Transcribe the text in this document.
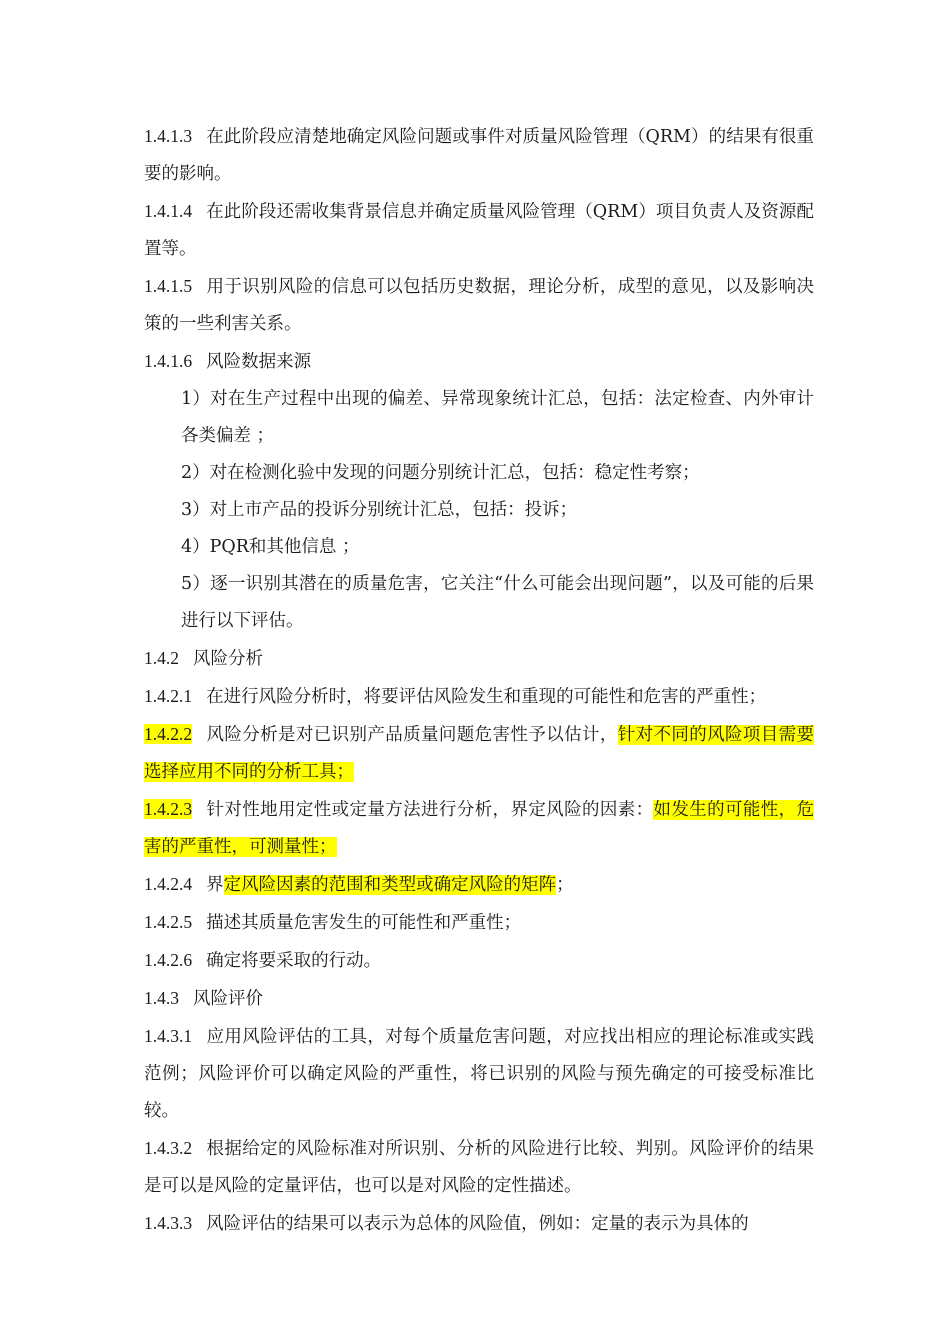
1.4.1.3 在此阶段应清楚地确定风险问题或事件对质量风险管理（QRM）的结果有很重要的影响。

1.4.1.4 在此阶段还需收集背景信息并确定质量风险管理（QRM）项目负责人及资源配置等。

1.4.1.5 用于识别风险的信息可以包括历史数据，理论分析，成型的意见，以及影响决策的一些利害关系。

1.4.1.6 风险数据来源

1）对在生产过程中出现的偏差、异常现象统计汇总，包括：法定检查、内外审计各类偏差 ；

2）对在检测化验中发现的问题分别统计汇总，包括：稳定性考察；

3）对上市产品的投诉分别统计汇总，包括：投诉；

4）PQR和其他信息 ；

5）逐一识别其潜在的质量危害，它关注“什么可能会出现问题”，以及可能的后果进行以下评估。

1.4.2 风险分析

1.4.2.1 在进行风险分析时，将要评估风险发生和重现的可能性和危害的严重性；

1.4.2.2 风险分析是对已识别产品质量问题危害性予以估计，针对不同的风险项目需要选择应用不同的分析工具；

1.4.2.3 针对性地用定性或定量方法进行分析，界定风险的因素：如发生的可能性，危害的严重性，可测量性；

1.4.2.4 界定风险因素的范围和类型或确定风险的矩阵；

1.4.2.5 描述其质量危害发生的可能性和严重性；

1.4.2.6 确定将要采取的行动。

1.4.3 风险评价

1.4.3.1 应用风险评估的工具，对每个质量危害问题，对应找出相应的理论标准或实践范例；风险评价可以确定风险的严重性，将已识别的风险与预先确定的可接受标准比较。

1.4.3.2 根据给定的风险标准对所识别、分析的风险进行比较、判别。风险评价的结果是可以是风险的定量评估，也可以是对风险的定性描述。

1.4.3.3 风险评估的结果可以表示为总体的风险值，例如：定量的表示为具体的
